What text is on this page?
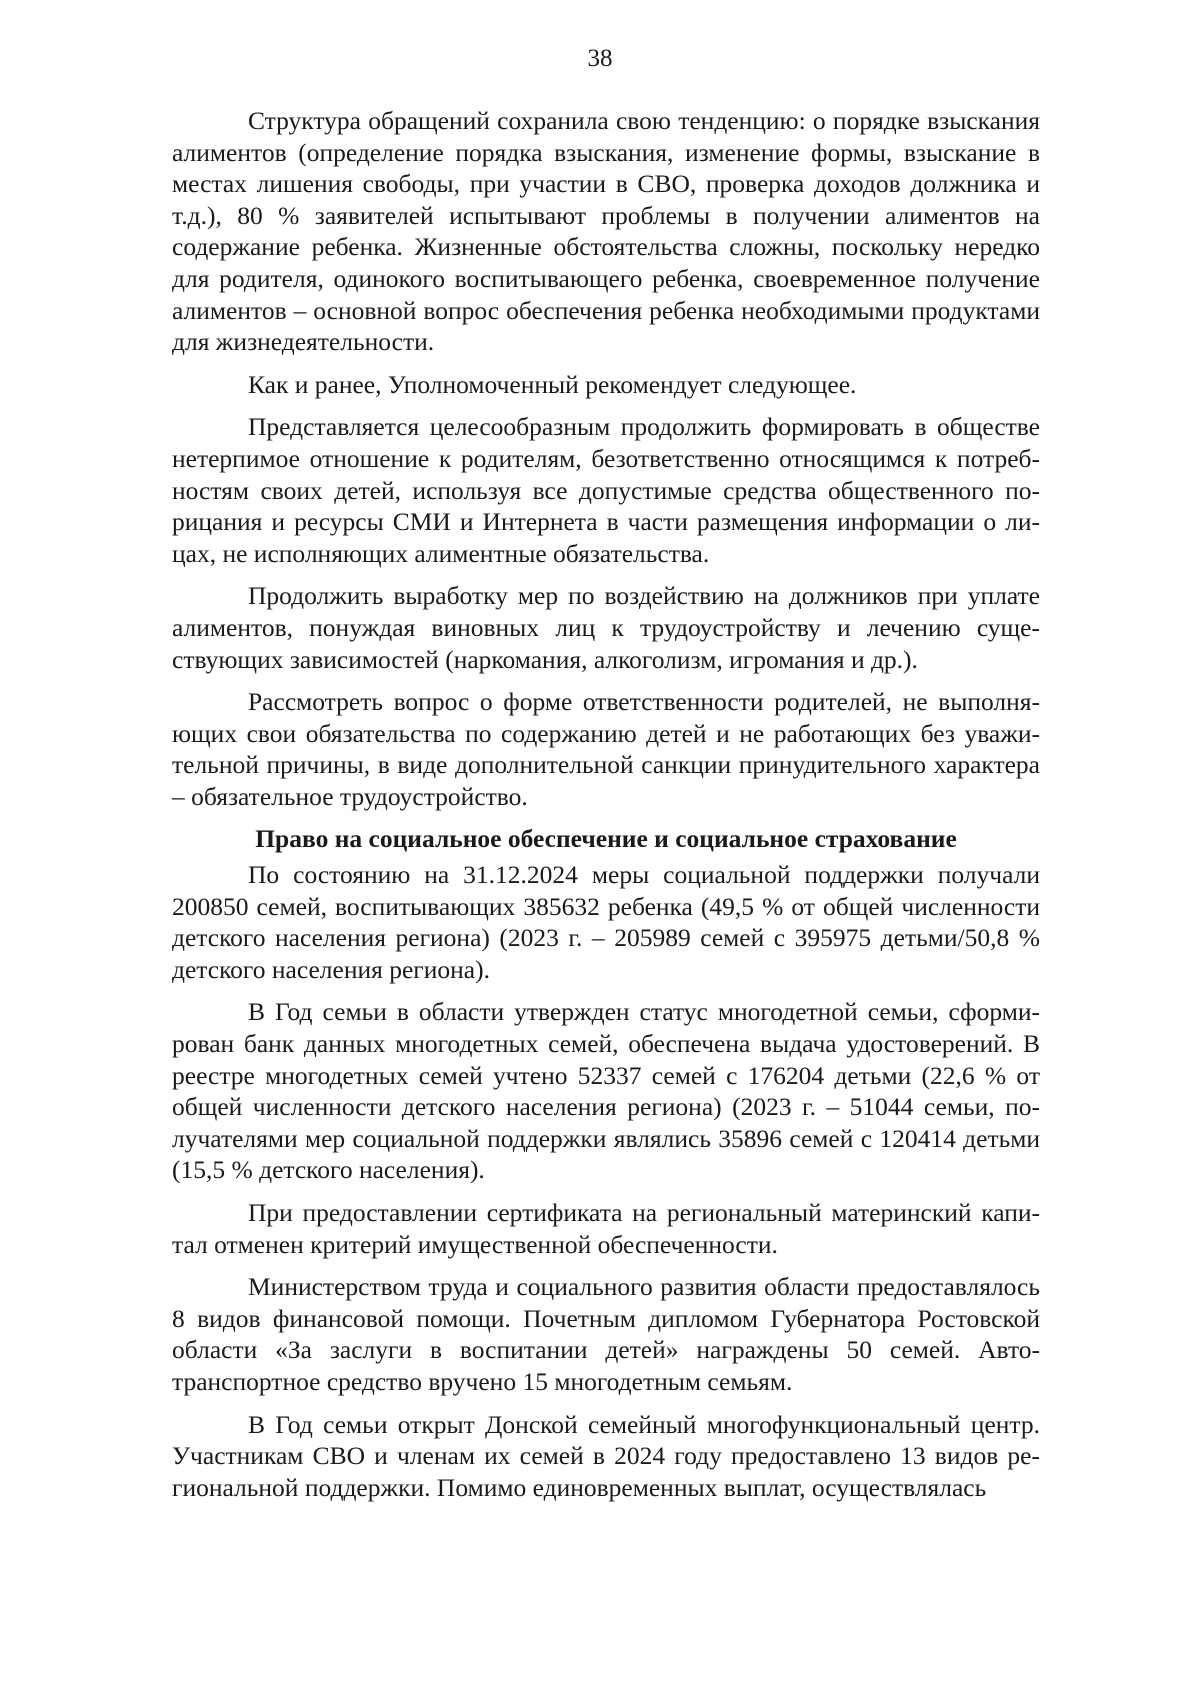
38

Структура обращений сохранила свою тенденцию: о порядке взыскания алиментов (определение порядка взыскания, изменение формы, взыскание в местах лишения свободы, при участии в СВО, проверка доходов должника и т.д.), 80 % заявителей испытывают проблемы в получении алиментов на содержание ребенка. Жизненные обстоятельства сложны, поскольку нередко для родителя, одинокого воспитывающего ребенка, своевременное получение алиментов – основной вопрос обеспечения ребенка необходимыми продуктами для жизнедеятельности.

Как и ранее, Уполномоченный рекомендует следующее.

Представляется целесообразным продолжить формировать в обществе нетерпимое отношение к родителям, безответственно относящимся к потребностям своих детей, используя все допустимые средства общественного порицания и ресурсы СМИ и Интернета в части размещения информации о лицах, не исполняющих алиментные обязательства.

Продолжить выработку мер по воздействию на должников при уплате алиментов, понуждая виновных лиц к трудоустройству и лечению существующих зависимостей (наркомания, алкоголизм, игромания и др.).

Рассмотреть вопрос о форме ответственности родителей, не выполняющих свои обязательства по содержанию детей и не работающих без уважительной причины, в виде дополнительной санкции принудительного характера – обязательное трудоустройство.

Право на социальное обеспечение и социальное страхование

По состоянию на 31.12.2024 меры социальной поддержки получали 200850 семей, воспитывающих 385632 ребенка (49,5 % от общей численности детского населения региона) (2023 г. – 205989 семей с 395975 детьми/50,8 % детского населения региона).

В Год семьи в области утвержден статус многодетной семьи, сформирован банк данных многодетных семей, обеспечена выдача удостоверений. В реестре многодетных семей учтено 52337 семей с 176204 детьми (22,6 % от общей численности детского населения региона) (2023 г. – 51044 семьи, получателями мер социальной поддержки являлись 35896 семей с 120414 детьми (15,5 % детского населения).

При предоставлении сертификата на региональный материнский капитал отменен критерий имущественной обеспеченности.

Министерством труда и социального развития области предоставлялось 8 видов финансовой помощи. Почетным дипломом Губернатора Ростовской области «За заслуги в воспитании детей» награждены 50 семей. Автотранспортное средство вручено 15 многодетным семьям.

В Год семьи открыт Донской семейный многофункциональный центр. Участникам СВО и членам их семей в 2024 году предоставлено 13 видов региональной поддержки. Помимо единовременных выплат, осуществлялась
